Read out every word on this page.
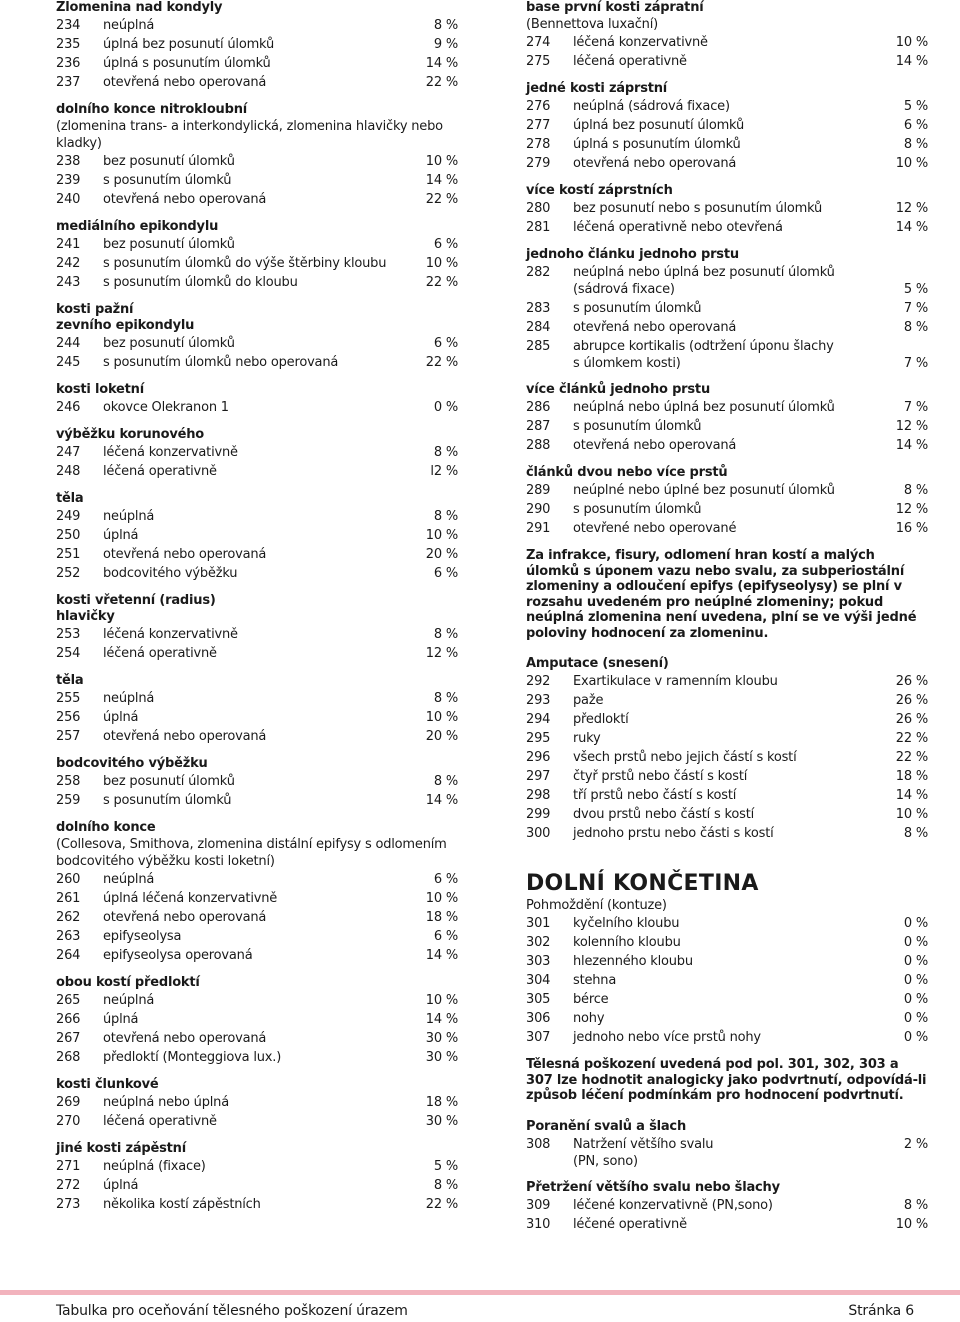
Zlomenina nad kondyly
234	neúplná	8 %
235	úplná bez posunutí úlomků	9 %
236	úplná s posunutím úlomků	14 %
237	otevřená nebo operovaná	22 %
dolního konce nitrokloubní
(zlomenina trans- a interkondylická, zlomenina hlavičky nebo kladky)
238	bez posunutí úlomků	10 %
239	s posunutím úlomků	14 %
240	otevřená nebo operovaná	22 %
mediálního epikondylu
241	bez posunutí úlomků	6 %
242	s posunutím úlomků do výše štěrbiny kloubu	10 %
243	s posunutím úlomků do kloubu	22 %
kosti pažní
zevního epikondylu
244	bez posunutí úlomků	6 %
245	s posunutím úlomků nebo operovaná	22 %
kosti loketní
246	okovce Olekranon 1	0 %
výběžku korunového
247	léčená konzervativně	8 %
248	léčená operativně	l2 %
těla
249	neúplná	8 %
250	úplná	10 %
251	otevřená nebo operovaná	20 %
252	bodcovitého výběžku	6 %
kosti vřetenní (radius)
hlavičky
253	léčená konzervativně	8 %
254	léčená operativně	12 %
těla
255	neúplná	8 %
256	úplná	10 %
257	otevřená nebo operovaná	20 %
bodcovitého výběžku
258	bez posunutí úlomků	8 %
259	s posunutím úlomků	14 %
dolního konce
(Collesova, Smithova, zlomenina distální epifysy s odlomením bodcovitého výběžku kosti loketní)
260	neúplná	6 %
261	úplná léčená konzervativně	10 %
262	otevřená nebo operovaná	18 %
263	epifyseolysa	6 %
264	epifyseolysa operovaná	14 %
obou kostí předloktí
265	neúplná	10 %
266	úplná	14 %
267	otevřená nebo operovaná	30 %
268	předloktí (Monteggiova lux.)	30 %
kosti člunkové
269	neúplná nebo úplná	18 %
270	léčená operativně	30 %
jiné kosti zápěstní
271	neúplná (fixace)	5 %
272	úplná	8 %
273	několika kostí zápěstních	22 %
base první kosti zápratní
(Bennettova luxační)
274	léčená konzervativně	10 %
275	léčená operativně	14 %
jedné kosti záprstní
276	neúplná (sádrová fixace)	5 %
277	úplná bez posunutí úlomků	6 %
278	úplná s posunutím úlomků	8 %
279	otevřená nebo operovaná	10 %
více kostí záprstních
280	bez posunutí nebo s posunutím úlomků	12 %
281	léčená operativně nebo otevřená	14 %
jednoho článku jednoho prstu
282	neúplná nebo úplná bez posunutí úlomků
(sádrová fixace)	5 %
283	s posunutím úlomků	7 %
284	otevřená nebo operovaná	8 %
285	abrupce kortikalis (odtržení úponu šlachy
s úlomkem kosti)	7 %
více článků jednoho prstu
286	neúplná nebo úplná bez posunutí úlomků	7 %
287	s posunutím úlomků	12 %
288	otevřená nebo operovaná	14 %
článků dvou nebo více prstů
289	neúplné nebo úplné bez posunutí úlomků	8 %
290	s posunutím úlomků	12 %
291	otevřené nebo operované	16 %
Za infrakce, fisury, odlomení hran kostí a malých úlomků s úponem vazu nebo svalu, za subperiostální zlomeniny a odloučení epifys (epifyseolysy) se plní v rozsahu uvedeném pro neúplné zlomeniny; pokud neúplná zlomenina není uvedena, plní se ve výši jedné poloviny hodnocení za zlomeninu.
Amputace (snesení)
292	Exartikulace v ramenním kloubu	26 %
293	paže	26 %
294	předloktí	26 %
295	ruky	22 %
296	všech prstů nebo jejich částí s kostí	22 %
297	čtyř prstů nebo částí s kostí	18 %
298	tří prstů nebo částí s kostí	14 %
299	dvou prstů nebo částí s kostí	10 %
300	jednoho prstu nebo části s kostí	8 %
DOLNÍ KONČETINA
Pohmoždění (kontuze)
301	kyčelního kloubu	0 %
302	kolenního kloubu	0 %
303	hlezenného kloubu	0 %
304	stehna	0 %
305	bérce	0 %
306	nohy	0 %
307	jednoho nebo více prstů nohy	0 %
Tělesná poškození uvedená pod pol. 301, 302, 303 a 307 lze hodnotit analogicky jako podvrtnutí, odpovídá-li způsob léčení podmínkám pro hodnocení podvrtnutí.
Poranění svalů a šlach
308	Natržení většího svalu
(PN, sono)
2 %
Přetržení většího svalu nebo šlachy
309	léčené konzervativně (PN,sono)	8 %
310	léčené operativně	10 %
Tabulka pro oceňování tělesného poškození úrazem	Stránka 6
